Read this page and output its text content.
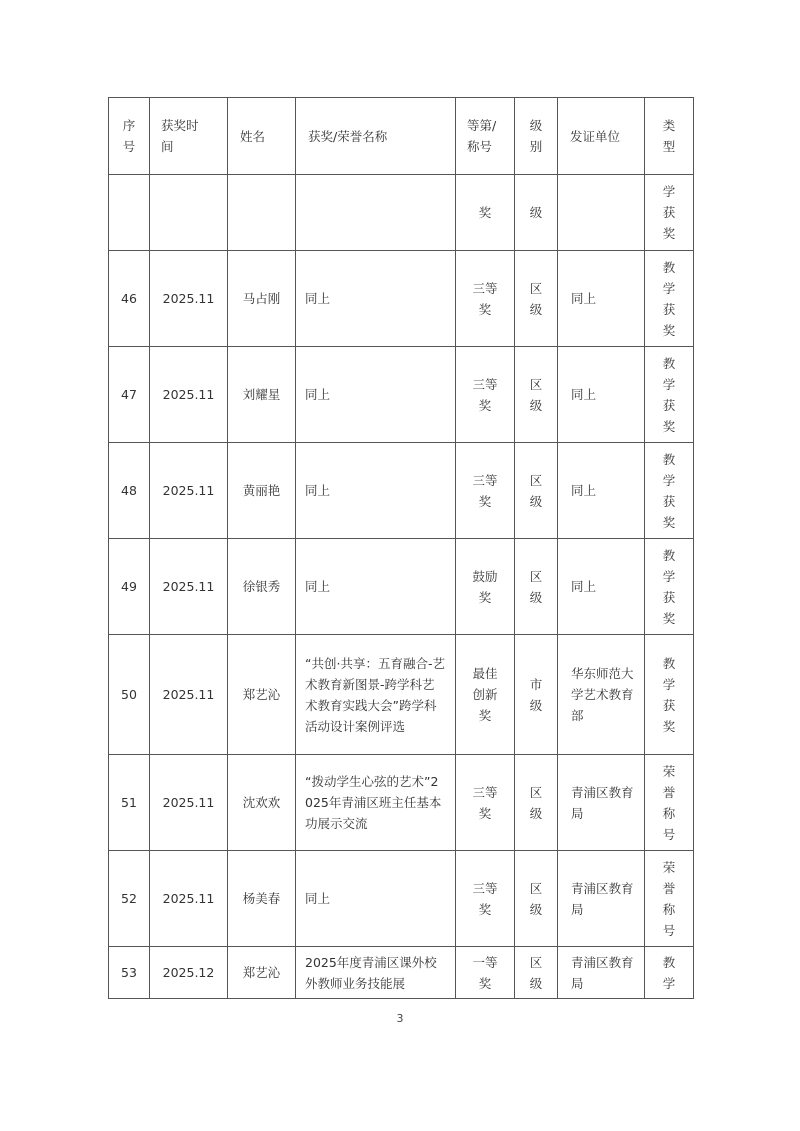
序号	获奖时间	姓名	获奖/荣誉名称	等第/称号	级别	发证单位	类型

				奖	级		学获奖

46	2025.11	马占刚	同上	三等奖	区级	同上	教学获奖

47	2025.11	刘耀星	同上	三等奖	区级	同上	教学获奖

48	2025.11	黄丽艳	同上	三等奖	区级	同上	教学获奖

49	2025.11	徐银秀	同上	鼓励奖	区级	同上	教学获奖

50	2025.11	郑艺沁	“共创·共享：五育融合-艺术教育新图景-跨学科艺术教育实践大会”跨学科活动设计案例评选	最佳创新奖	市级	华东师范大学艺术教育部	教学获奖

51	2025.11	沈欢欢	“拨动学生心弦的艺术”2025年青浦区班主任基本功展示交流	三等奖	区级	青浦区教育局	荣誉称号

52	2025.11	杨美春	同上	三等奖	区级	青浦区教育局	荣誉称号

53	2025.12	郑艺沁	2025年度青浦区课外校外教师业务技能展	一等奖	区级	青浦区教育局	教学
3
